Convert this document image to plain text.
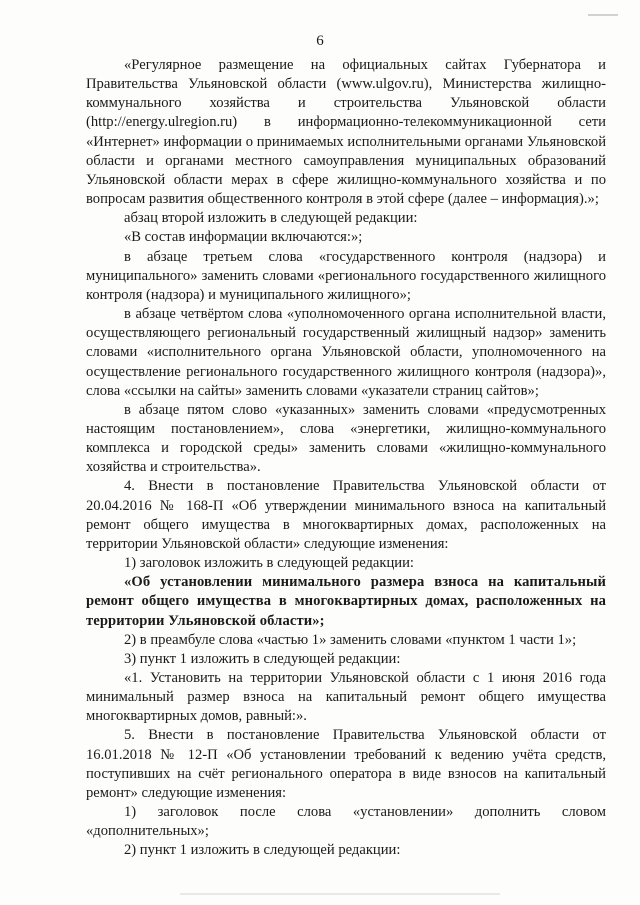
6

«Регулярное размещение на официальных сайтах Губернатора и Правительства Ульяновской области (www.ulgov.ru), Министерства жилищно-коммунального хозяйства и строительства Ульяновской области (http://energy.ulregion.ru) в информационно-телекоммуникационной сети «Интернет» информации о принимаемых исполнительными органами Ульяновской области и органами местного самоуправления муниципальных образований Ульяновской области мерах в сфере жилищно-коммунального хозяйства и по вопросам развития общественного контроля в этой сфере (далее – информация).»;

абзац второй изложить в следующей редакции:

«В состав информации включаются:»;

в абзаце третьем слова «государственного контроля (надзора) и муниципального» заменить словами «регионального государственного жилищного контроля (надзора) и муниципального жилищного»;

в абзаце четвёртом слова «уполномоченного органа исполнительной власти, осуществляющего региональный государственный жилищный надзор» заменить словами «исполнительного органа Ульяновской области, уполномоченного на осуществление регионального государственного жилищного контроля (надзора)», слова «ссылки на сайты» заменить словами «указатели страниц сайтов»;

в абзаце пятом слово «указанных» заменить словами «предусмотренных настоящим постановлением», слова «энергетики, жилищно-коммунального комплекса и городской среды» заменить словами «жилищно-коммунального хозяйства и строительства».

4. Внести в постановление Правительства Ульяновской области от 20.04.2016 № 168-П «Об утверждении минимального взноса на капитальный ремонт общего имущества в многоквартирных домах, расположенных на территории Ульяновской области» следующие изменения:

1) заголовок изложить в следующей редакции:

«Об установлении минимального размера взноса на капитальный ремонт общего имущества в многоквартирных домах, расположенных на территории Ульяновской области»;

2) в преамбуле слова «частью 1» заменить словами «пунктом 1 части 1»;

3) пункт 1 изложить в следующей редакции:

«1. Установить на территории Ульяновской области с 1 июня 2016 года минимальный размер взноса на капитальный ремонт общего имущества многоквартирных домов, равный:».

5. Внести в постановление Правительства Ульяновской области от 16.01.2018 № 12-П «Об установлении требований к ведению учёта средств, поступивших на счёт регионального оператора в виде взносов на капитальный ремонт» следующие изменения:

1) заголовок после слова «установлении» дополнить словом «дополнительных»;

2) пункт 1 изложить в следующей редакции:
